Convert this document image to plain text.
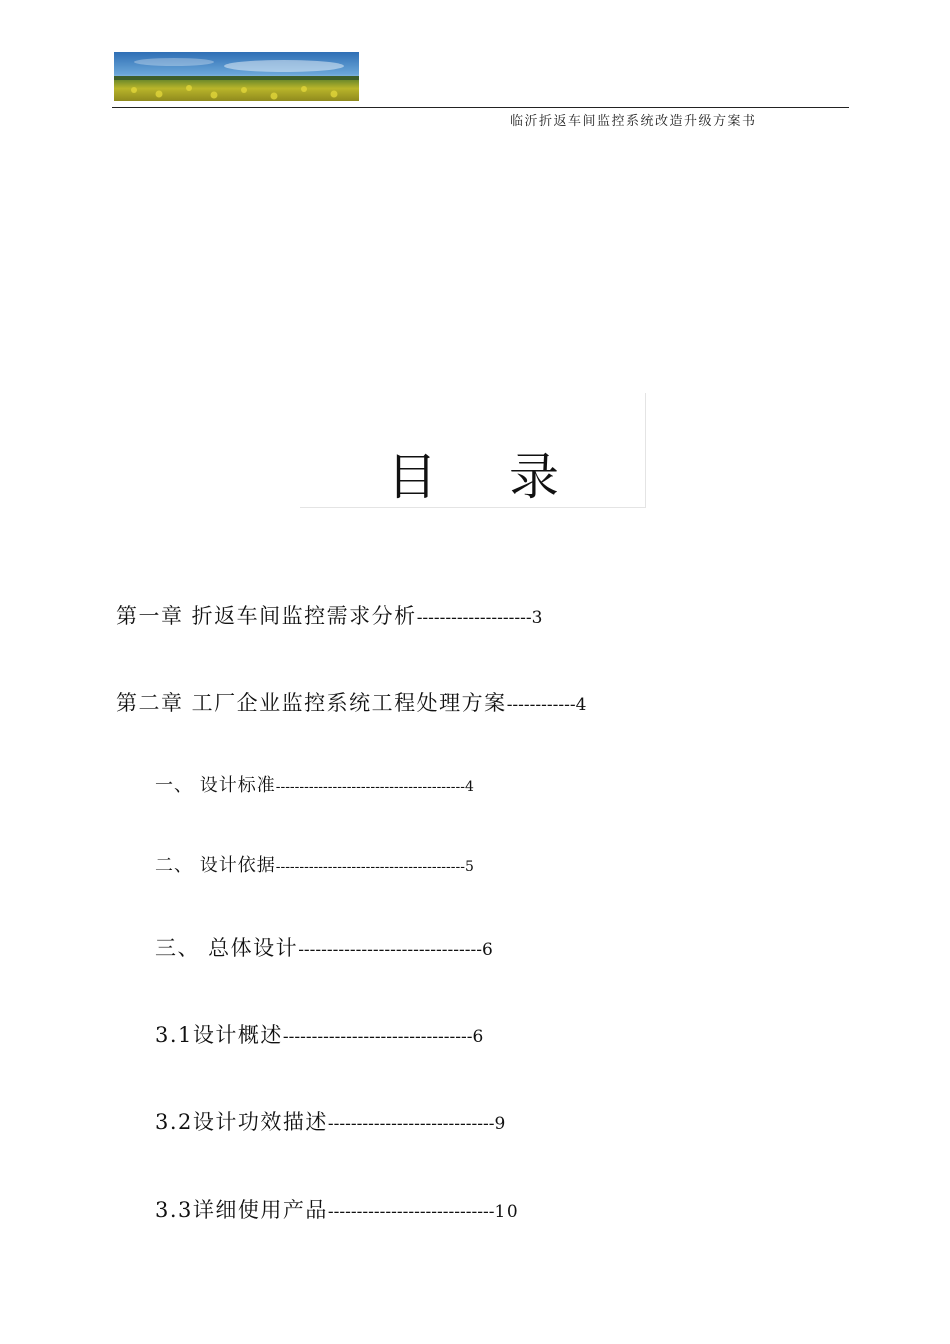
临沂折返车间监控系统改造升级方案书
目 录
第一章 折返车间监控需求分析--------------------3
第二章 工厂企业监控系统工程处理方案------------4
一、 设计标准----------------------------------------4
二、 设计依据----------------------------------------5
三、 总体设计--------------------------------6
3.1设计概述---------------------------------6
3.2设计功效描述-----------------------------9
3.3详细使用产品-----------------------------10
